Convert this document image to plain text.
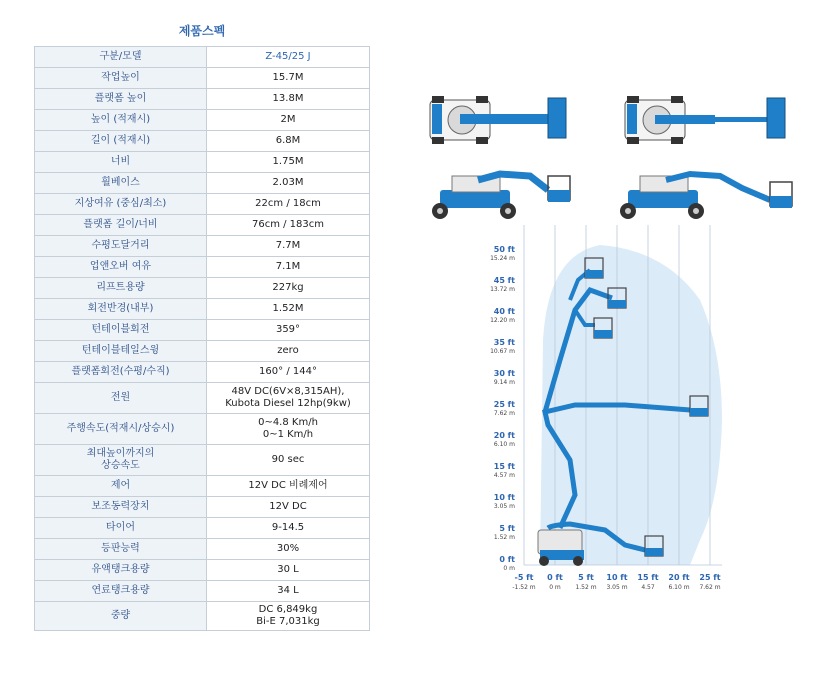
제품스펙
구분/모델	Z-45/25 J
작업높이	15.7M
플랫폼 높이	13.8M
높이 (적재시)	2M
길이 (적재시)	6.8M
너비	1.75M
휠베이스	2.03M
지상여유 (중심/최소)	22cm / 18cm
플랫폼 길이/너비	76cm / 183cm
수평도달거리	7.7M
업앤오버 여유	7.1M
리프트용량	227kg
회전반경(내부)	1.52M
턴테이블회전	359°
턴테이블테일스윙	zero
플랫폼회전(수평/수직)	160° / 144°
전원	48V DC(6V×8,315AH),
Kubota Diesel 12hp(9kw)

주행속도(적재시/상승시)	0~4.8 Km/h
0~1 Km/h

최대높이까지의
상승속도	90 sec
제어	12V DC 비례제어
보조동력장치	12V DC
타이어	9-14.5
등판능력	30%
유액탱크용량	30 L
연료탱크용량	34 L
중량	DC 6,849kg
Bi-E 7,031kg
50 ft
15.24 m
45 ft
13.72 m
40 ft
12.20 m
35 ft
10.67 m
30 ft
9.14 m
25 ft
7.62 m
20 ft
6.10 m
15 ft
4.57 m
10 ft
3.05 m
5 ft
1.52 m
0 ft
0 m
-5 ft
-1.52 m
0 ft
0 m
5 ft
1.52 m
10 ft
3.05 m
15 ft
4.57
20 ft
6.10 m
25 ft
7.62 m
